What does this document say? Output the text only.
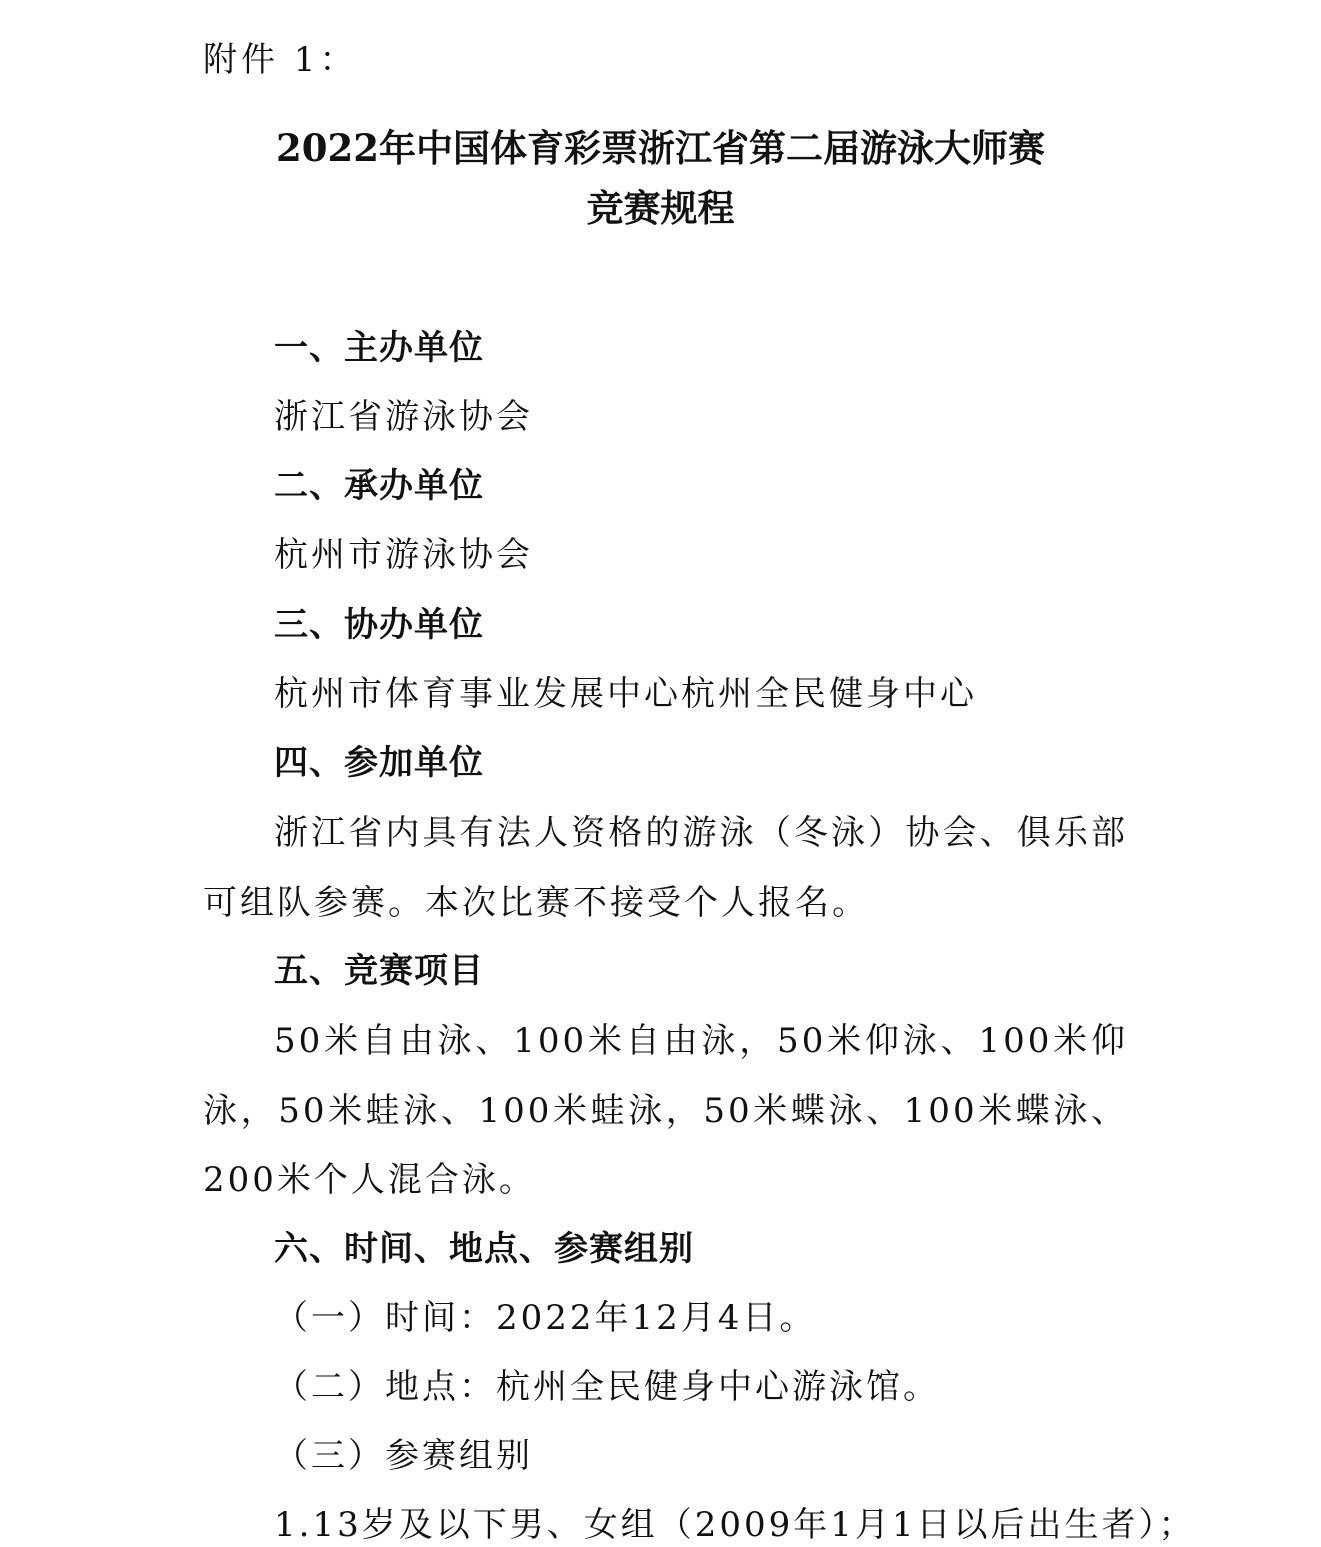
附件 1：
2022年中国体育彩票浙江省第二届游泳大师赛
竞赛规程
一、主办单位
浙江省游泳协会
二、承办单位
杭州市游泳协会
三、协办单位
杭州市体育事业发展中心杭州全民健身中心
四、参加单位
浙江省内具有法人资格的游泳（冬泳）协会、俱乐部可组队参赛。本次比赛不接受个人报名。
五、竞赛项目
50米自由泳、100米自由泳，50米仰泳、100米仰泳，50米蛙泳、100米蛙泳，50米蝶泳、100米蝶泳、200米个人混合泳。
六、时间、地点、参赛组别
（一）时间：2022年12月4日。
（二）地点：杭州全民健身中心游泳馆。
（三）参赛组别
1.13岁及以下男、女组（2009年1月1日以后出生者）；
